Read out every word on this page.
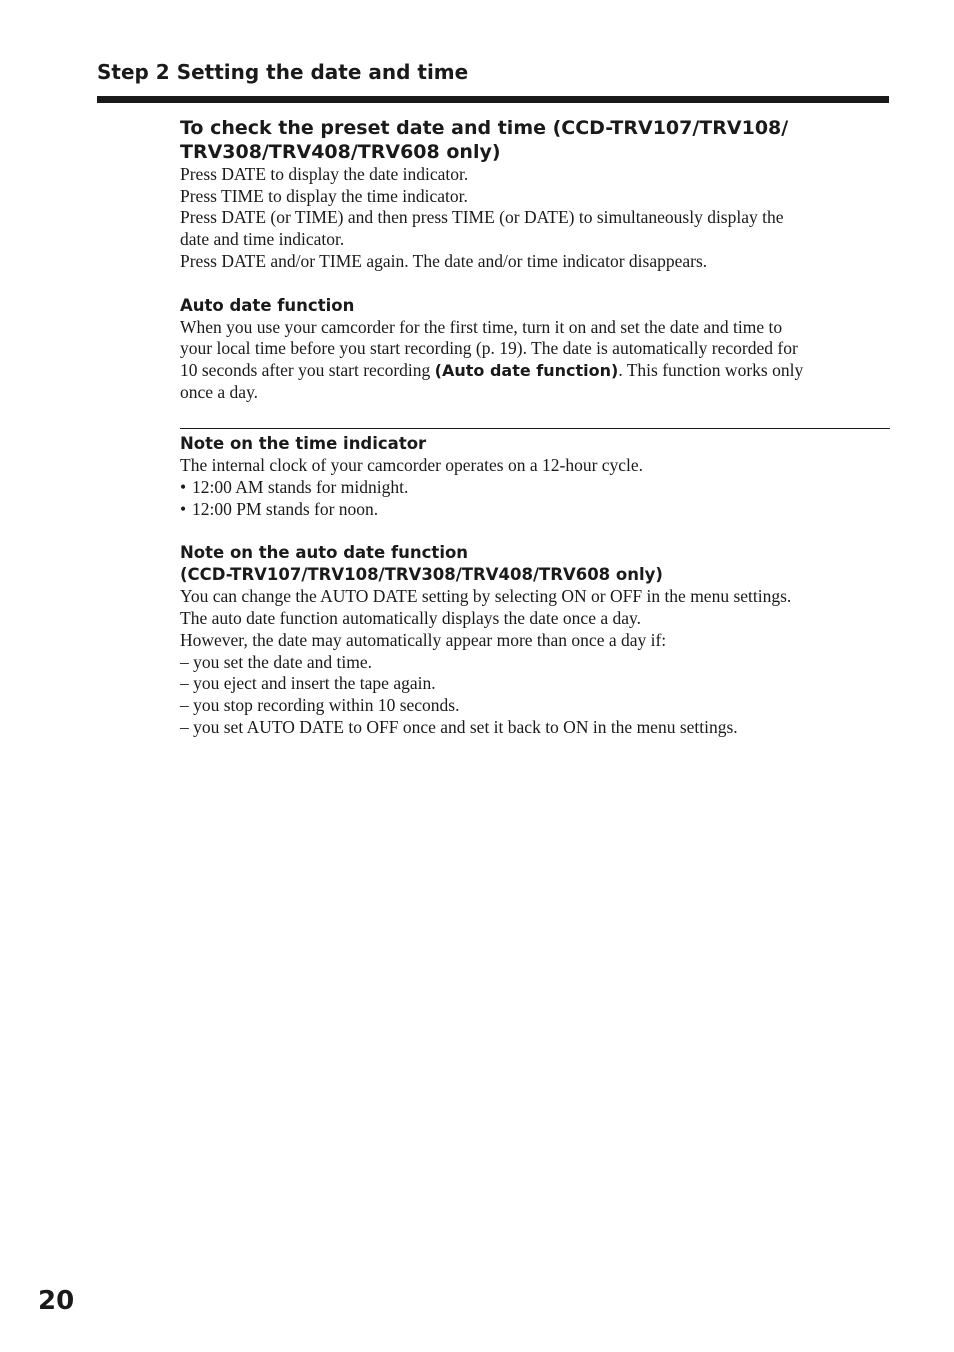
Step 2 Setting the date and time

To check the preset date and time (CCD-TRV107/TRV108/

TRV308/TRV408/TRV608 only)

Press DATE to display the date indicator.

Press TIME to display the time indicator.

Press DATE (or TIME) and then press TIME (or DATE) to simultaneously display the

date and time indicator.

Press DATE and/or TIME again. The date and/or time indicator disappears.

Auto date function

When you use your camcorder for the first time, turn it on and set the date and time to

your local time before you start recording (p. 19). The date is automatically recorded for

10 seconds after you start recording (Auto date function). This function works only

once a day.

Note on the time indicator

The internal clock of your camcorder operates on a 12-hour cycle.

• 12:00 AM stands for midnight.

• 12:00 PM stands for noon.

Note on the auto date function

(CCD-TRV107/TRV108/TRV308/TRV408/TRV608 only)

You can change the AUTO DATE setting by selecting ON or OFF in the menu settings.

The auto date function automatically displays the date once a day.

However, the date may automatically appear more than once a day if:

– you set the date and time.

– you eject and insert the tape again.

– you stop recording within 10 seconds.

– you set AUTO DATE to OFF once and set it back to ON in the menu settings.

20
